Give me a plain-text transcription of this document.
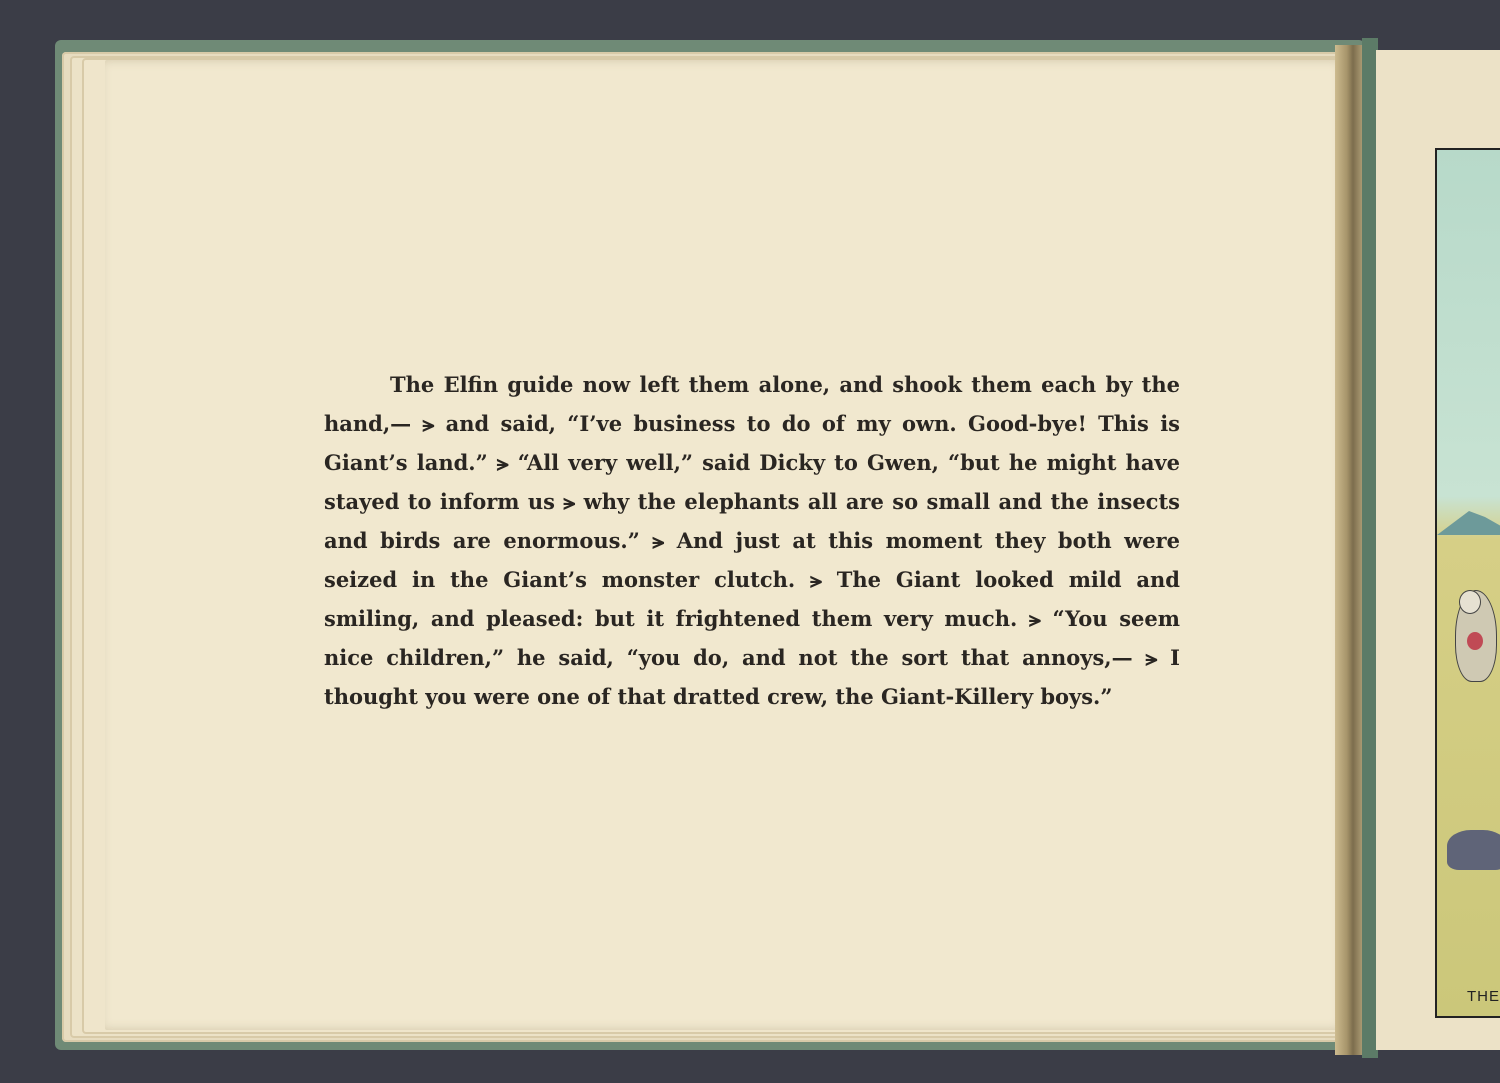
The Elfin guide now left them alone, and shook them each by the hand,— ⪫ and said, “I’ve business to do of my own. Good-bye! This is Giant’s land.” ⪫ “All very well,” said Dicky to Gwen, “but he might have stayed to inform us ⪫ why the elephants all are so small and the insects and birds are enormous.” ⪫ And just at this moment they both were seized in the Giant’s monster clutch. ⪫ The Giant looked mild and smiling, and pleased: but it frightened them very much. ⪫ “You seem nice children,” he said, “you do, and not the sort that annoys,— ⪫ I thought you were one of that dratted crew, the Giant-Killery boys.”

THE
